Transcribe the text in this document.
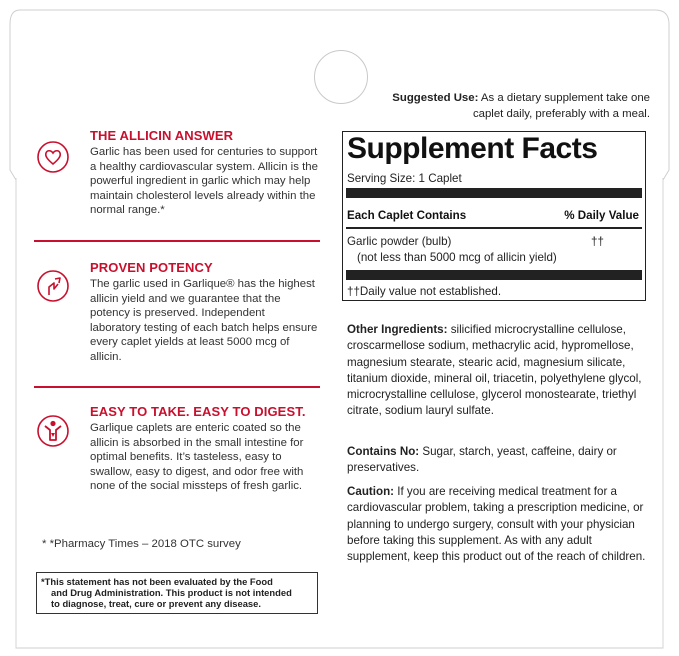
THE ALLICIN ANSWER

Garlic has been used for centuries to support a healthy cardiovascular system. Allicin is the powerful ingredient in garlic which may help maintain cholesterol levels already within the normal range.*

PROVEN POTENCY

The garlic used in Garlique® has the highest allicin yield and we guarantee that the potency is preserved. Independent laboratory testing of each batch helps ensure every caplet yields at least 5000 mcg of allicin.

EASY TO TAKE. EASY TO DIGEST.

Garlique caplets are enteric coated so the allicin is absorbed in the small intestine for optimal benefits. It’s tasteless, easy to swallow, easy to digest, and odor free with none of the social missteps of fresh garlic.

* *Pharmacy Times – 2018 OTC survey
*This statement has not been evaluated by the Food
and Drug Administration. This product is not intended
to diagnose, treat, cure or prevent any disease.
Suggested Use: As a dietary supplement take one caplet daily, preferably with a meal.
Supplement Facts
Serving Size: 1 Caplet
Each Caplet Contains	% Daily Value
Garlic powder (bulb)	††
(not less than 5000 mcg of allicin yield)
††Daily value not established.

Other Ingredients: silicified microcrystalline cellulose, croscarmellose sodium, methacrylic acid, hypromellose, magnesium stearate, stearic acid, magnesium silicate, titanium dioxide, mineral oil, triacetin, polyethylene glycol, microcrystalline cellulose, glycerol monostearate, triethyl citrate, sodium lauryl sulfate.

Contains No: Sugar, starch, yeast, caffeine, dairy or preservatives.

Caution: If you are receiving medical treatment for a cardiovascular problem, taking a prescription medicine, or planning to undergo surgery, consult with your physician before taking this supplement. As with any adult supplement, keep this product out of the reach of children.
